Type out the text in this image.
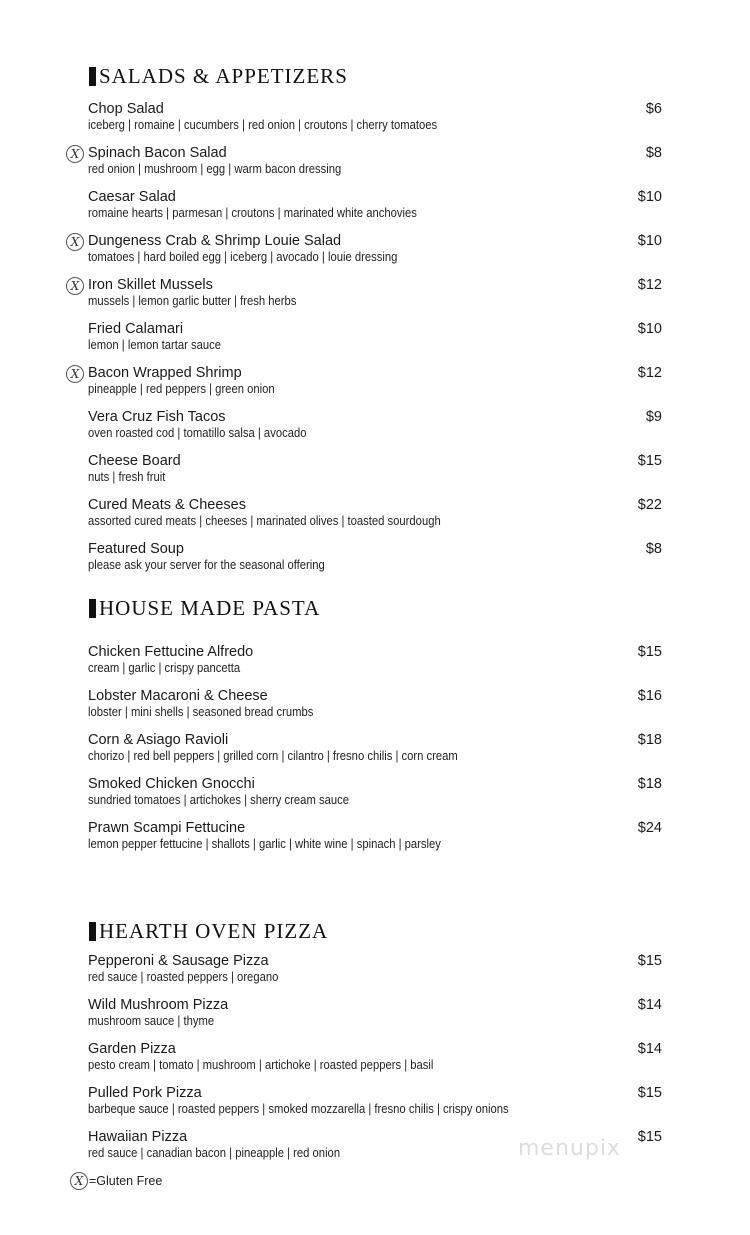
SALADS & APPETIZERS
HOUSE MADE PASTA
HEARTH OVEN PIZZA
Chop Salad	$6
iceberg | romaine | cucumbers | red onion | croutons | cherry tomatoes
X Spinach Bacon Salad	$8
red onion | mushroom | egg | warm bacon dressing
Caesar Salad	$10
romaine hearts | parmesan | croutons | marinated white anchovies
X Dungeness Crab & Shrimp Louie Salad	$10
tomatoes | hard boiled egg | iceberg | avocado | louie dressing
X Iron Skillet Mussels	$12
mussels | lemon garlic butter | fresh herbs
Fried Calamari	$10
lemon | lemon tartar sauce
X Bacon Wrapped Shrimp	$12
pineapple | red peppers | green onion
Vera Cruz Fish Tacos	$9
oven roasted cod | tomatillo salsa | avocado
Cheese Board	$15
nuts | fresh fruit
Cured Meats & Cheeses	$22
assorted cured meats | cheeses | marinated olives | toasted sourdough
Featured Soup	$8
please ask your server for the seasonal offering
Chicken Fettucine Alfredo	$15
cream | garlic | crispy pancetta
Lobster Macaroni & Cheese	$16
lobster | mini shells | seasoned bread crumbs
Corn & Asiago Ravioli	$18
chorizo | red bell peppers | grilled corn | cilantro | fresno chilis | corn cream
Smoked Chicken Gnocchi	$18
sundried tomatoes | artichokes | sherry cream sauce
Prawn Scampi Fettucine	$24
lemon pepper fettucine | shallots | garlic | white wine | spinach | parsley
Pepperoni & Sausage Pizza	$15
red sauce | roasted peppers | oregano
Wild Mushroom Pizza	$14
mushroom sauce | thyme
Garden Pizza	$14
pesto cream | tomato | mushroom | artichoke | roasted peppers | basil
Pulled Pork Pizza	$15
barbeque sauce | roasted peppers | smoked mozzarella | fresno chilis | crispy onions
Hawaiian Pizza	$15
red sauce | canadian bacon | pineapple | red onion
X =Gluten Free
menupix
